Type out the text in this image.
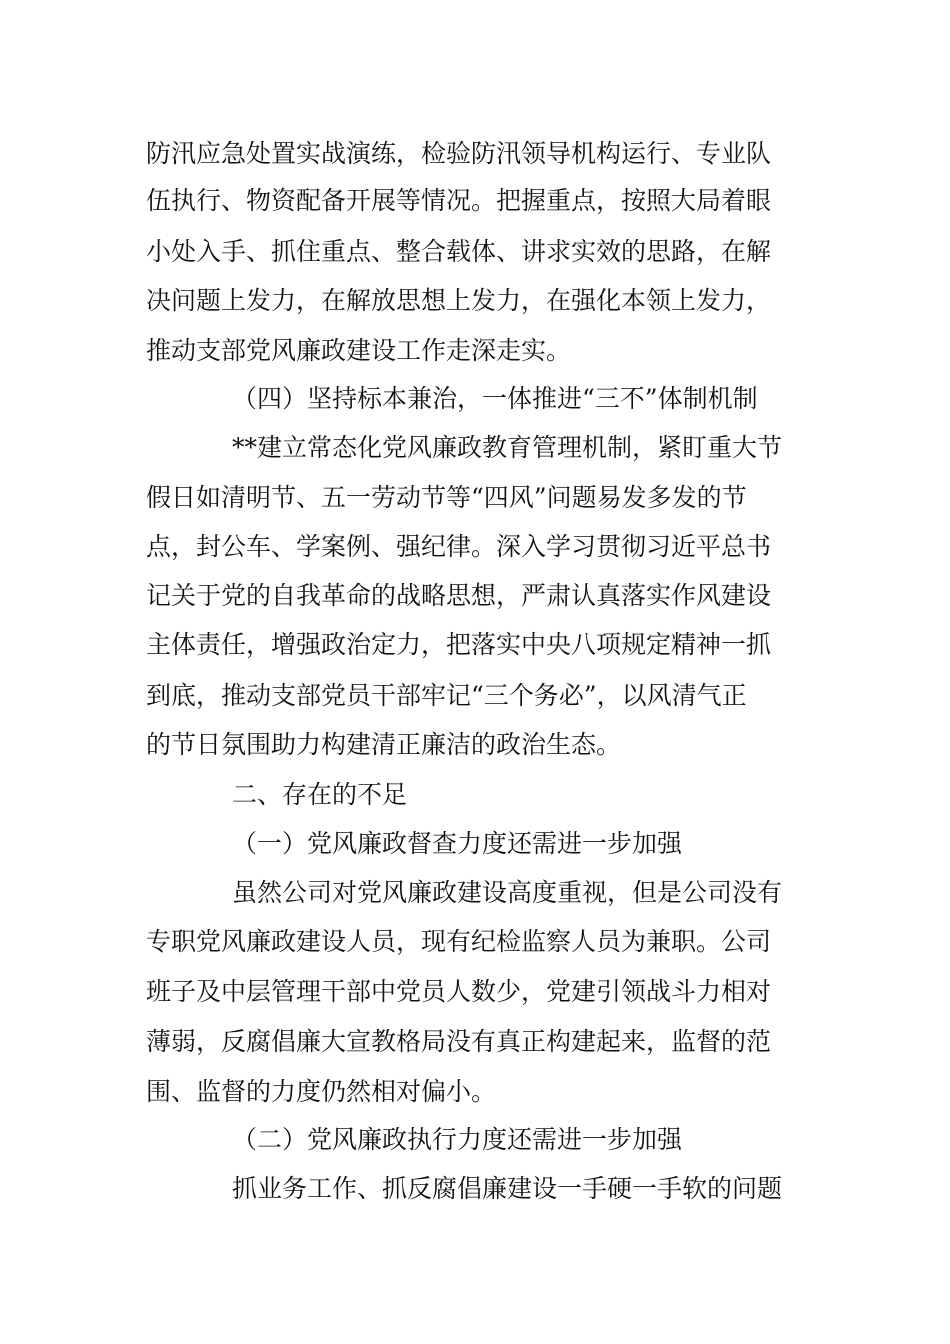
防汛应急处置实战演练，检验防汛领导机构运行、专业队
伍执行、物资配备开展等情况。把握重点，按照大局着眼
小处入手、抓住重点、整合载体、讲求实效的思路，在解
决问题上发力，在解放思想上发力，在强化本领上发力，
推动支部党风廉政建设工作走深走实。
（四）坚持标本兼治，一体推进“三不”体制机制
**建立常态化党风廉政教育管理机制，紧盯重大节
假日如清明节、五一劳动节等“四风”问题易发多发的节
点，封公车、学案例、强纪律。深入学习贯彻习近平总书
记关于党的自我革命的战略思想，严肃认真落实作风建设
主体责任，增强政治定力，把落实中央八项规定精神一抓
到底，推动支部党员干部牢记“三个务必”，以风清气正
的节日氛围助力构建清正廉洁的政治生态。
二、存在的不足
（一）党风廉政督查力度还需进一步加强
虽然公司对党风廉政建设高度重视，但是公司没有
专职党风廉政建设人员，现有纪检监察人员为兼职。公司
班子及中层管理干部中党员人数少，党建引领战斗力相对
薄弱，反腐倡廉大宣教格局没有真正构建起来，监督的范
围、监督的力度仍然相对偏小。
（二）党风廉政执行力度还需进一步加强
抓业务工作、抓反腐倡廉建设一手硬一手软的问题
